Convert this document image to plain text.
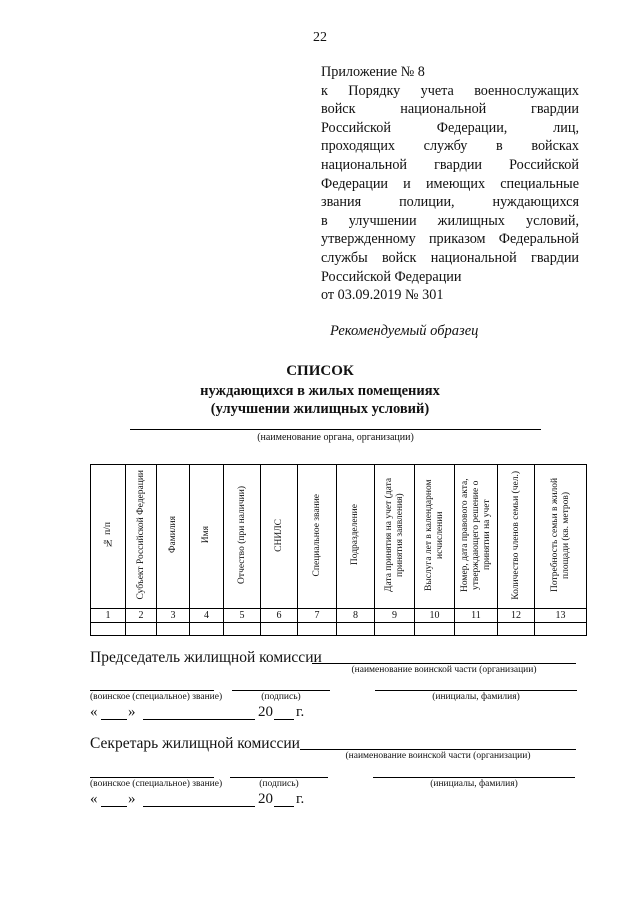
22
Приложение № 8
к Порядку учета военнослужащих
войск национальной гвардии
Российской Федерации, лиц,
проходящих службу в войсках
национальной гвардии Российской
Федерации и имеющих специальные
звания полиции, нуждающихся
в улучшении жилищных условий,
утвержденному приказом Федеральной
службы войск национальной гвардии
Российской Федерации
от 03.09.2019 № 301
Рекомендуемый образец
СПИСОК
нуждающихся в жилых помещениях
(улучшении жилищных условий)
(наименование органа, организации)
№ п/п	Субъект Российской Федерации	Фамилия	Имя	Отчество (при наличии)	СНИЛС	Специальное звание	Подразделение	Дата принятия на учет (дата принятия заявления)	Выслуга лет в календарном исчислении	Номер, дата правового акта, утверждающего решение о принятии на учет	Количество членов семьи (чел.)	Потребность семьи в жилой площади (кв. метров)
1	2	3	4	5	6	7	8	9	10	11	12	13

Председатель жилищной комиссии
(наименование воинской части (организации)
(воинское (специальное) звание)	(подпись)	(инициалы, фамилия)
« »	20 г.
Секретарь жилищной комиссии
(наименование воинской части (организации)
(воинское (специальное) звание)	(подпись)	(инициалы, фамилия)
« »	20 г.
